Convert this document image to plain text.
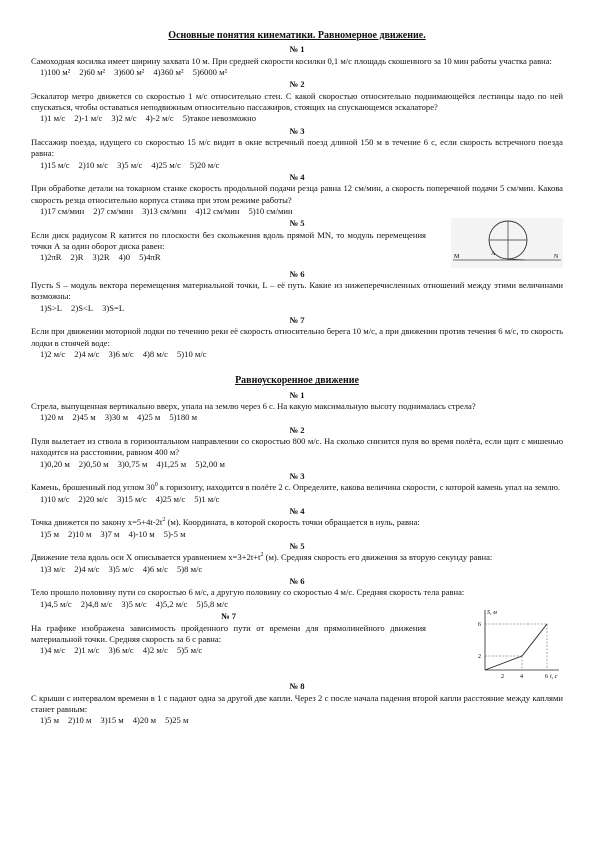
Основные понятия кинематики. Равномерное движение.
№ 1

Самоходная косилка имеет ширину захвата 10 м. При средней скорости косилки 0,1 м/с площадь скошенного за 10 мин работы участка равна:

1)100 м² 2)60 м² 3)600 м² 4)360 м² 5)6000 м²
№ 2

Эскалатор метро движется со скоростью 1 м/с относительно стен. С какой скоростью относительно поднимающейся лестницы надо по ней спускаться, чтобы оставаться неподвижным относительно пассажиров, стоящих на спускающемся эскалаторе?

1)1 м/с 2)-1 м/с 3)2 м/с 4)-2 м/с 5)такое невозможно
№ 3

Пассажир поезда, идущего со скоростью 15 м/с видит в окне встречный поезд длиной 150 м в течение 6 с, если скорость встречного поезда равна:

1)15 м/с 2)10 м/с 3)5 м/с 4)25 м/с 5)20 м/с
№ 4

При обработке детали на токарном станке скорость продольной подачи резца равна 12 см/мин, а скорость поперечной подачи 5 см/мин. Какова скорость резца относительно корпуса станка при этом режиме работы?

1)17 см/мин 2)7 см/мин 3)13 см/мин 4)12 см/мин 5)10 см/мин
№ 5

Если диск радиусом R катится по плоскости без скольжения вдоль прямой MN, то модуль перемещения точки А за один оборот диска равен:

1)2πR 2)R 3)2R 4)0 5)4πR	A
M	N
№ 6

Пусть S – модуль вектора перемещения материальной точки, L – её путь. Какие из нижеперечисленных отношений между этими величинами возможны:

1)S>L 2)S<L 3)S=L
№ 7

Если при движении моторной лодки по течению реки её скорость относительно берега 10 м/с, а при движении против течения 6 м/с, то скорость лодки в стоячей воде:

1)2 м/с 2)4 м/с 3)6 м/с 4)8 м/с 5)10 м/с
Равноускоренное движение
№ 1

Стрела, выпущенная вертикально вверх, упала на землю через 6 с. На какую максимальную высоту поднималась стрела?

1)20 м 2)45 м 3)30 м 4)25 м 5)180 м
№ 2

Пуля вылетает из ствола в горизонтальном направлении со скоростью 800 м/с. На сколько снизится пуля во время полёта, если щит с мишенью находится на расстоянии, равном 400 м?

1)0,20 м 2)0,50 м 3)0,75 м 4)1,25 м 5)2,00 м
№ 3

Камень, брошенный под углом $30^0$ к горизонту, находится в полёте 2 с. Определите, какова величина скорости, с которой камень упал на землю.

1)10 м/с 2)20 м/с 3)15 м/с 4)25 м/с 5)1 м/с
№ 4

Точка движется по закону $x=5+4t-2t^2$ (м). Координата, в которой скорость точки обращается в нуль, равна:

1)5 м 2)10 м 3)7 м 4)-10 м 5)-5 м
№ 5

Движение тела вдоль оси Х описывается уравнением $x=3+2t+t^2$ (м). Средняя скорость его движения за вторую секунду равна:

1)3 м/с 2)4 м/с 3)5 м/с 4)6 м/с 5)8 м/с
№ 6

Тело прошло половину пути со скоростью 6 м/с, а другую половину со скоростью 4 м/с. Средняя скорость тела равна:

1)4,5 м/с 2)4,8 м/с 3)5 м/с 4)5,2 м/с 5)5,8 м/с
№ 7

На графике изображена зависимость пройденного пути от времени для прямолинейного движения материальной точки. Средняя скорость за 6 с равна:

1)4 м/с 2)1 м/с 3)6 м/с 4)2 м/с 5)5 м/с
S, м
t, c
6
2
2	4	6
№ 8

С крыши с интервалом времени в 1 с падают одна за другой две капли. Через 2 с после начала падения второй капли расстояние между каплями станет равным:

1)5 м 2)10 м 3)15 м 4)20 м 5)25 м
